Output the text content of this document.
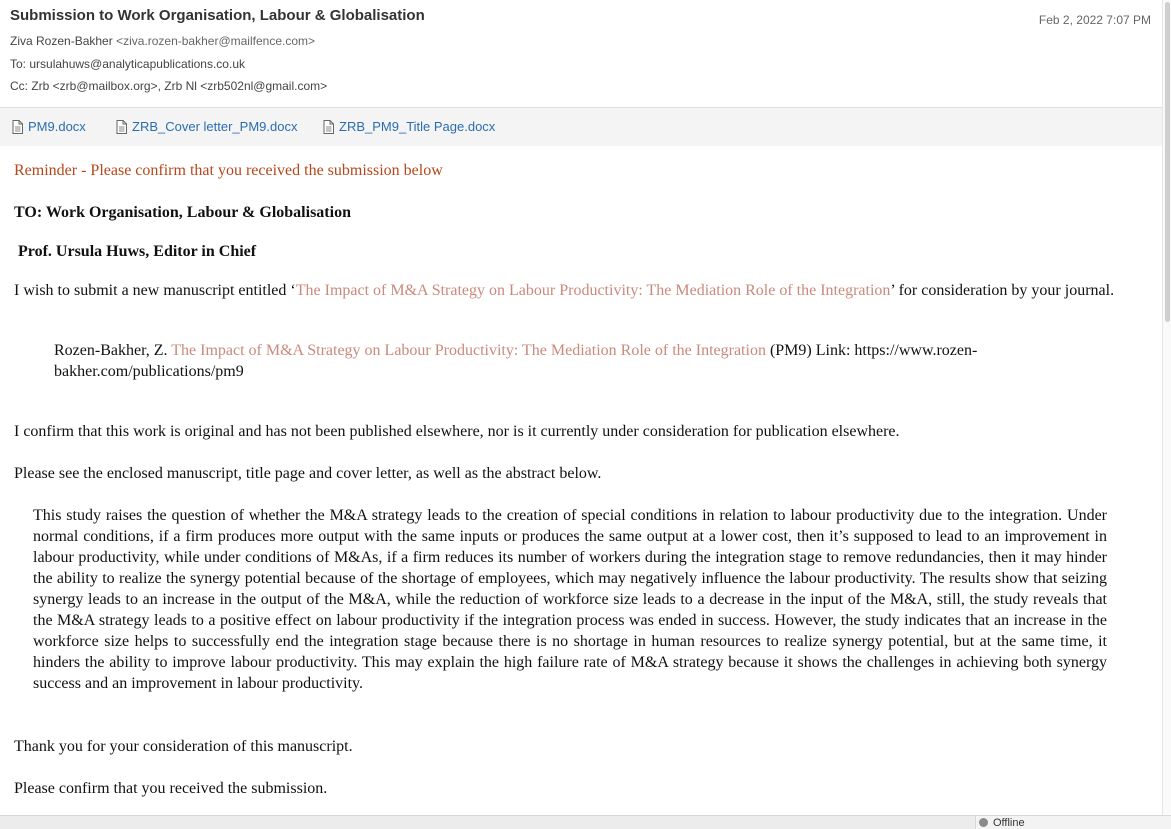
Submission to Work Organisation, Labour & Globalisation	Feb 2, 2022 7:07 PM
Ziva Rozen-Bakher <ziva.rozen-bakher@mailfence.com>
To: ursulahuws@analyticapublications.co.uk
Cc: Zrb <zrb@mailbox.org>, Zrb Nl <zrb502nl@gmail.com>
PM9.docx	ZRB_Cover letter_PM9.docx	ZRB_PM9_Title Page.docx
Reminder - Please confirm that you received the submission below
TO: Work Organisation, Labour & Globalisation
Prof. Ursula Huws, Editor in Chief
I wish to submit a new manuscript entitled ‘The Impact of M&A Strategy on Labour Productivity: The Mediation Role of the Integration’ for consideration by your journal.
Rozen-Bakher, Z. The Impact of M&A Strategy on Labour Productivity: The Mediation Role of the Integration (PM9) Link: https://www.rozen-bakher.com/publications/pm9
I confirm that this work is original and has not been published elsewhere, nor is it currently under consideration for publication elsewhere.
Please see the enclosed manuscript, title page and cover letter, as well as the abstract below.
This study raises the question of whether the M&A strategy leads to the creation of special conditions in relation to labour productivity due to the integration. Under normal conditions, if a firm produces more output with the same inputs or produces the same output at a lower cost, then it’s supposed to lead to an improvement in labour productivity, while under conditions of M&As, if a firm reduces its number of workers during the integration stage to remove redundancies, then it may hinder the ability to realize the synergy potential because of the shortage of employees, which may negatively influence the labour productivity. The results show that seizing synergy leads to an increase in the output of the M&A, while the reduction of workforce size leads to a decrease in the input of the M&A, still, the study reveals that the M&A strategy leads to a positive effect on labour productivity if the integration process was ended in success. However, the study indicates that an increase in the workforce size helps to successfully end the integration stage because there is no shortage in human resources to realize synergy potential, but at the same time, it hinders the ability to improve labour productivity. This may explain the high failure rate of M&A strategy because it shows the challenges in achieving both synergy success and an improvement in labour productivity.
Thank you for your consideration of this manuscript.
Please confirm that you received the submission.
Offline
